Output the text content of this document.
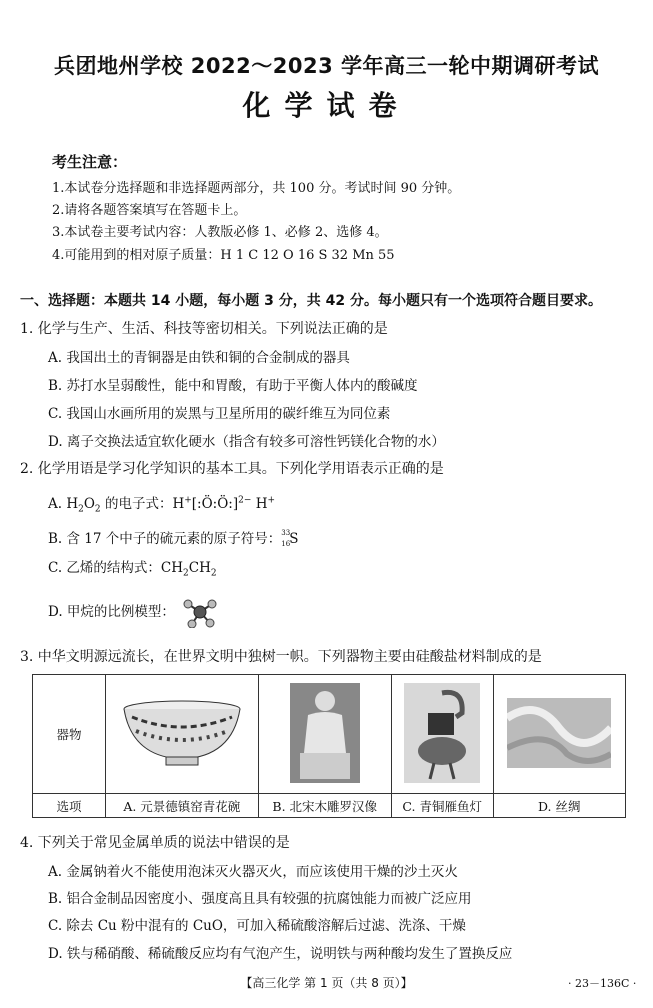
兵团地州学校 2022～2023 学年高三一轮中期调研考试
化学试卷
考生注意：
1.本试卷分选择题和非选择题两部分，共 100 分。考试时间 90 分钟。
2.请将各题答案填写在答题卡上。
3.本试卷主要考试内容：人教版必修 1、必修 2、选修 4。
4.可能用到的相对原子质量：H 1 C 12 O 16 S 32 Mn 55
一、选择题：本题共 14 小题，每小题 3 分，共 42 分。每小题只有一个选项符合题目要求。
1. 化学与生产、生活、科技等密切相关。下列说法正确的是
A. 我国出土的青铜器是由铁和铜的合金制成的器具
B. 苏打水呈弱酸性，能中和胃酸，有助于平衡人体内的酸碱度
C. 我国山水画所用的炭黑与卫星所用的碳纤维互为同位素
D. 离子交换法适宜软化硬水（指含有较多可溶性钙镁化合物的水）
2. 化学用语是学习化学知识的基本工具。下列化学用语表示正确的是
A. $H_2O_2$ 的电子式：H+[:Ö:Ö:]$^{2-}$ H+
B. 含 17 个中子的硫元素的原子符号： 33
16 S
C. 乙烯的结构式：$CH_2CH_2$
D. 甲烷的比例模型：
3. 中华文明源远流长，在世界文明中独树一帜。下列器物主要由硅酸盐材料制成的是
器物				
选项	A. 元景德镇窑青花碗	B. 北宋木雕罗汉像	C. 青铜雁鱼灯	D. 丝绸
4. 下列关于常见金属单质的说法中错误的是
A. 金属钠着火不能使用泡沫灭火器灭火，而应该使用干燥的沙土灭火
B. 铝合金制品因密度小、强度高且具有较强的抗腐蚀能力而被广泛应用
C. 除去 Cu 粉中混有的 CuO，可加入稀硫酸溶解后过滤、洗涤、干燥
D. 铁与稀硝酸、稀硫酸反应均有气泡产生，说明铁与两种酸均发生了置换反应
【高三化学 第 1 页（共 8 页）】	· 23－136C ·
